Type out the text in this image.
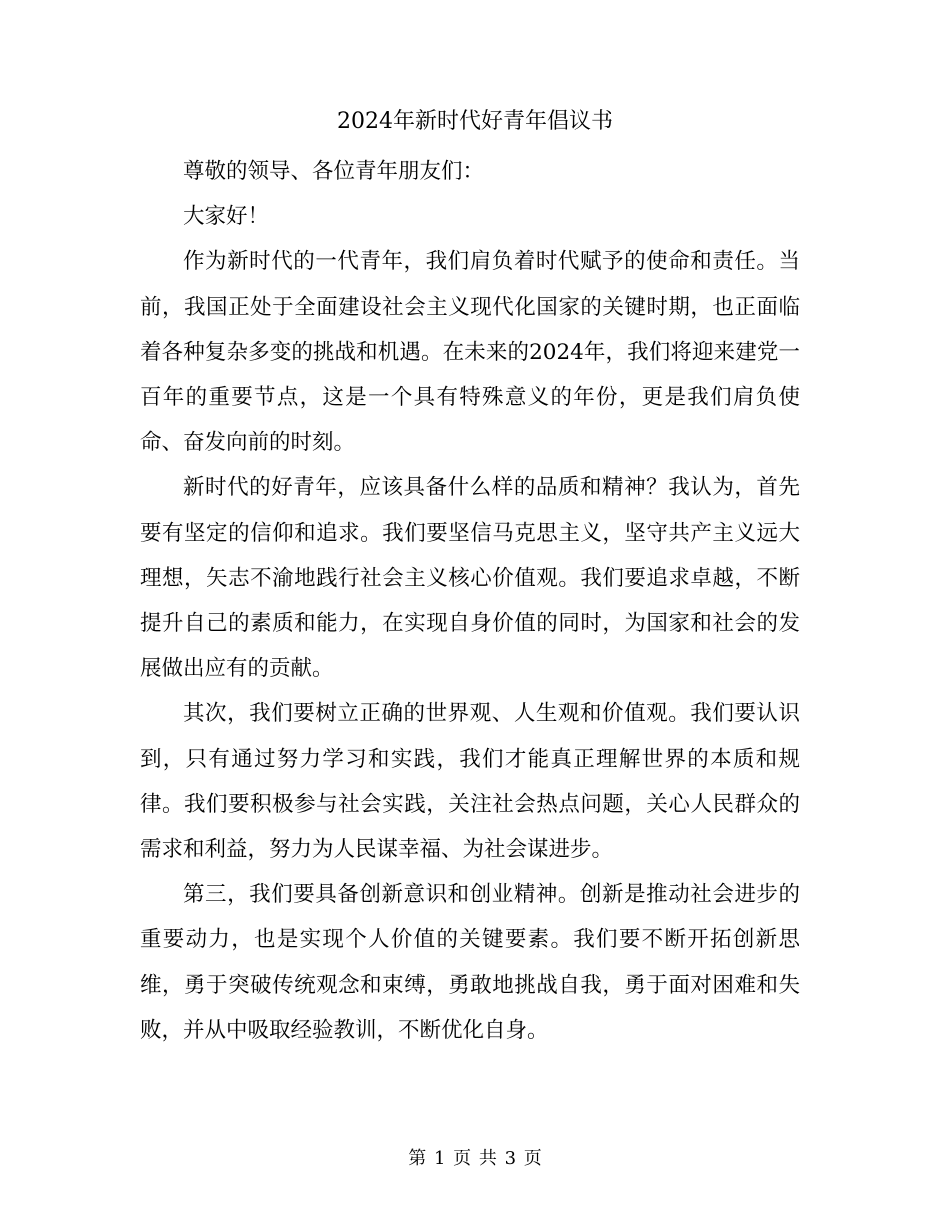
2024年新时代好青年倡议书

尊敬的领导、各位青年朋友们：

大家好！

作为新时代的一代青年，我们肩负着时代赋予的使命和责任。当前，我国正处于全面建设社会主义现代化国家的关键时期，也正面临着各种复杂多变的挑战和机遇。在未来的2024年，我们将迎来建党一百年的重要节点，这是一个具有特殊意义的年份，更是我们肩负使命、奋发向前的时刻。

新时代的好青年，应该具备什么样的品质和精神？我认为，首先要有坚定的信仰和追求。我们要坚信马克思主义，坚守共产主义远大理想，矢志不渝地践行社会主义核心价值观。我们要追求卓越，不断提升自己的素质和能力，在实现自身价值的同时，为国家和社会的发展做出应有的贡献。

其次，我们要树立正确的世界观、人生观和价值观。我们要认识到，只有通过努力学习和实践，我们才能真正理解世界的本质和规律。我们要积极参与社会实践，关注社会热点问题，关心人民群众的需求和利益，努力为人民谋幸福、为社会谋进步。

第三，我们要具备创新意识和创业精神。创新是推动社会进步的重要动力，也是实现个人价值的关键要素。我们要不断开拓创新思维，勇于突破传统观念和束缚，勇敢地挑战自我，勇于面对困难和失败，并从中吸取经验教训，不断优化自身。

第 1 页 共 3 页
